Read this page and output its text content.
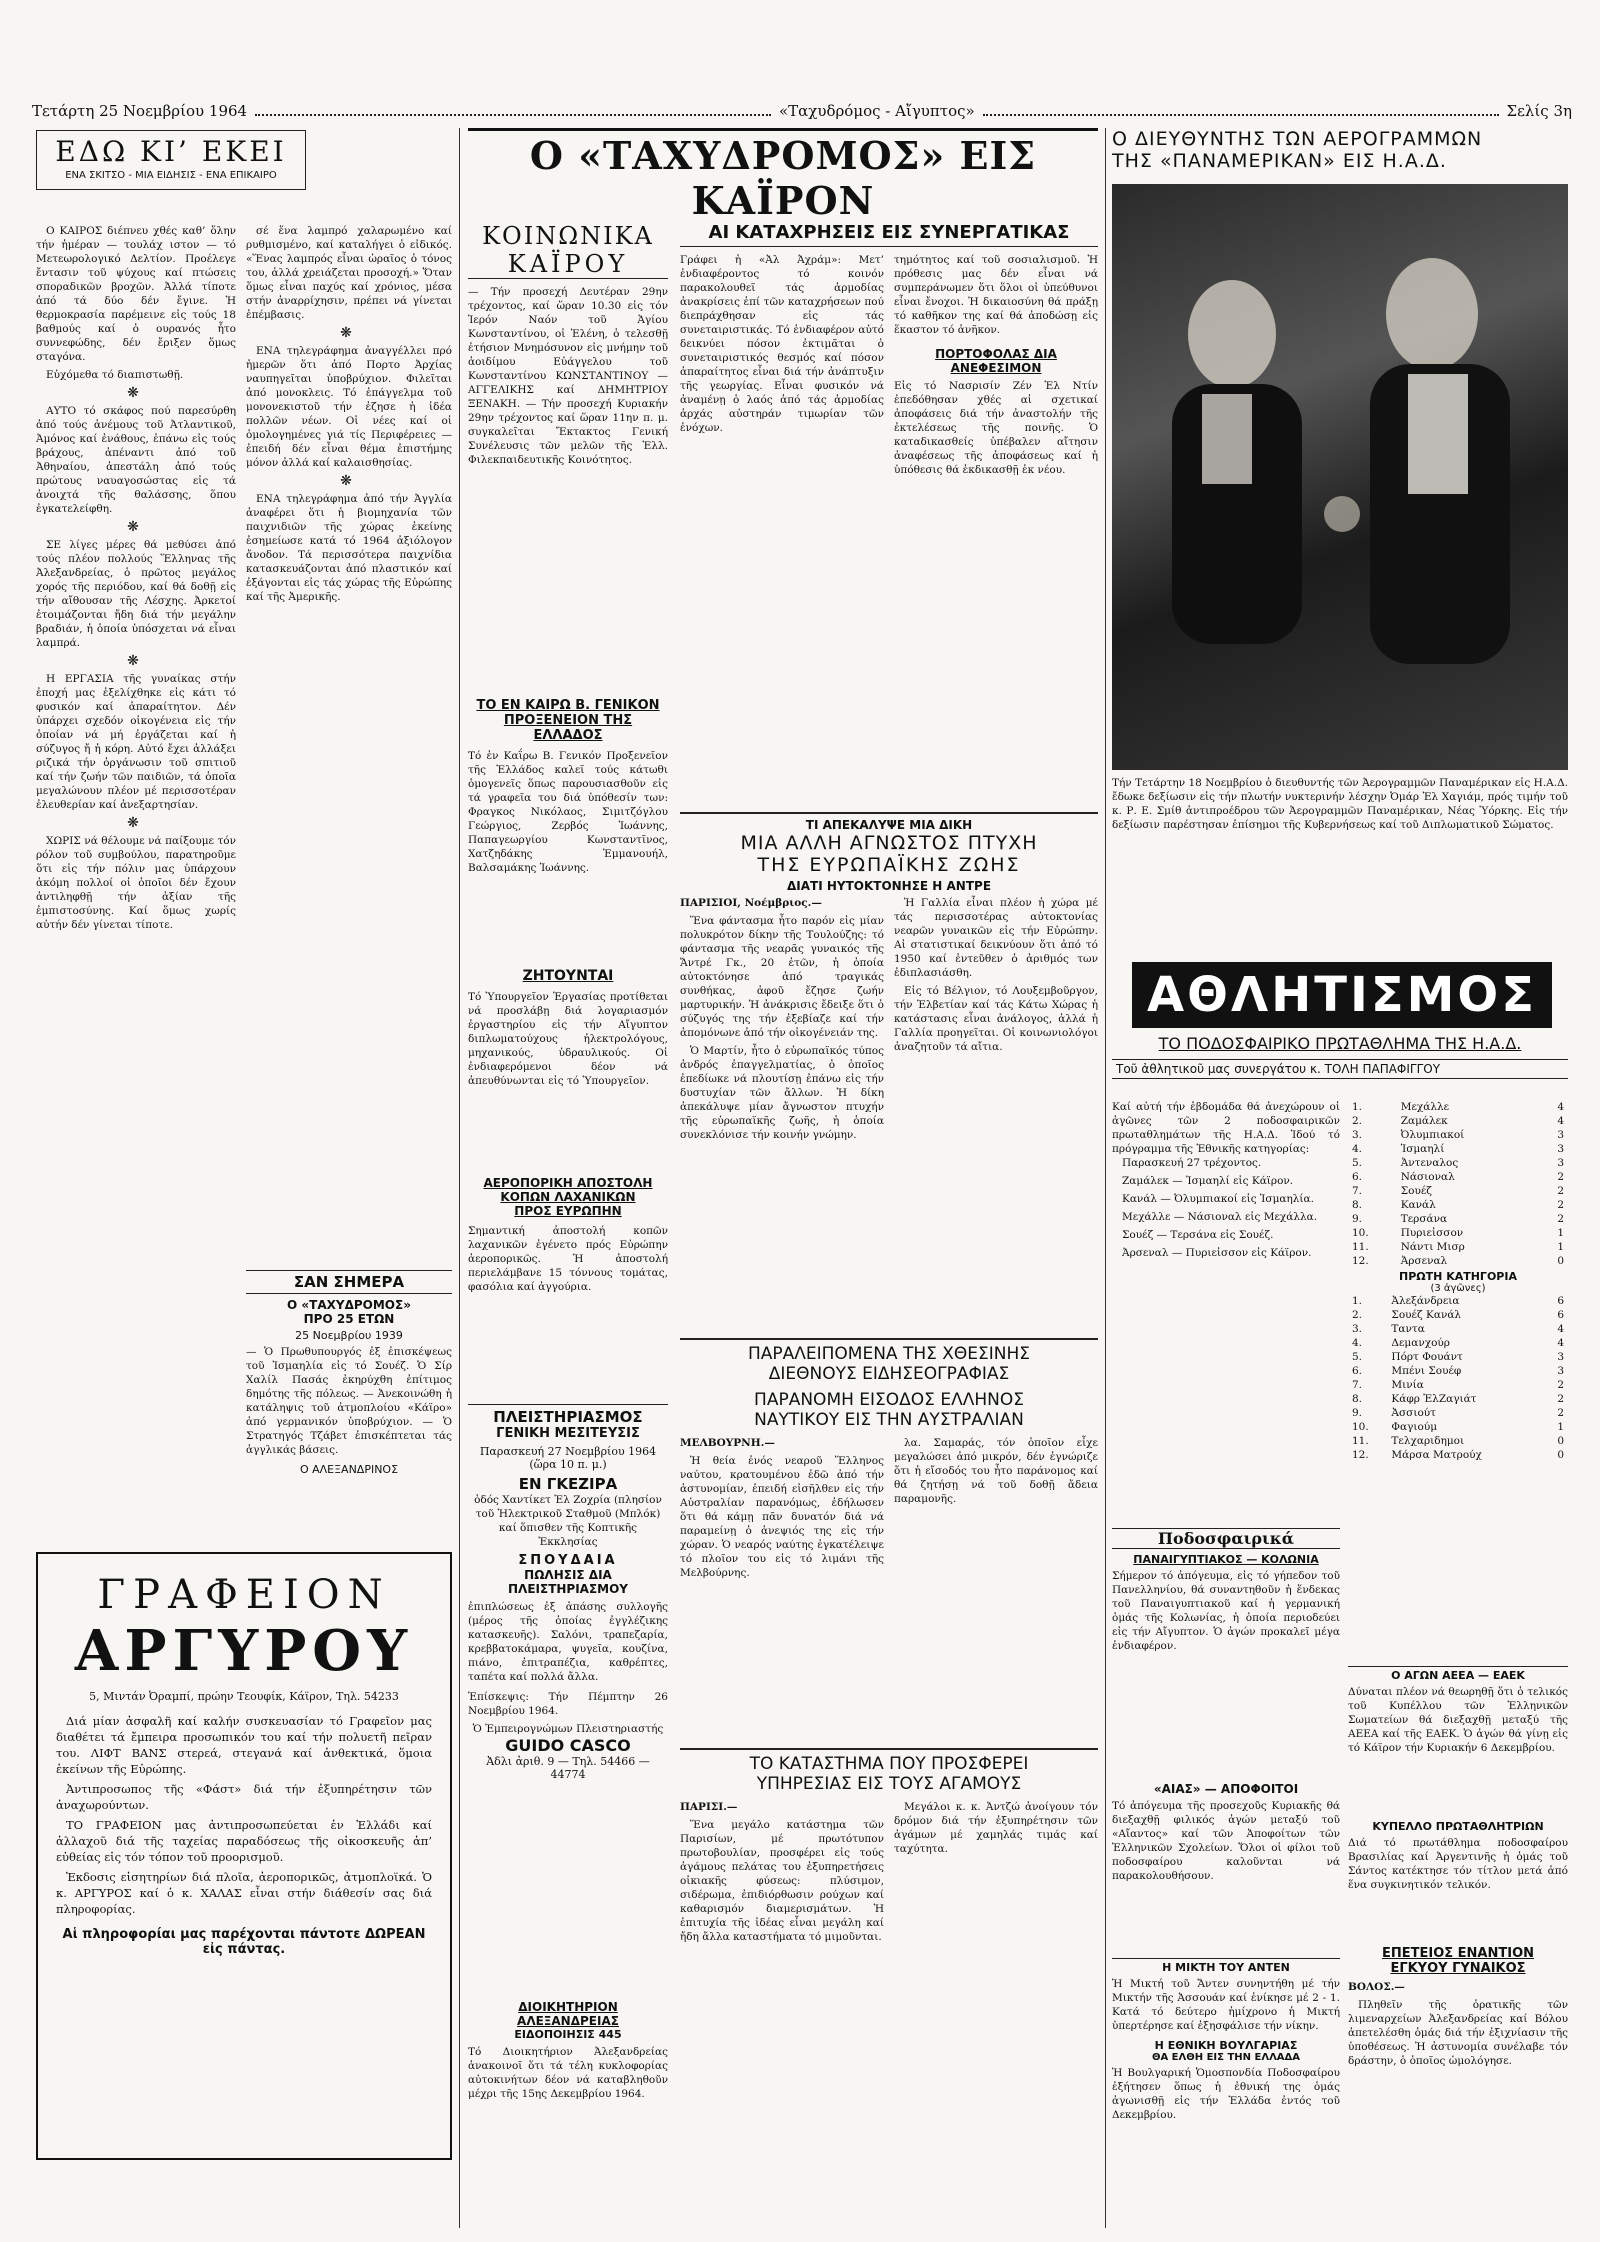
Τετάρτη 25 Νοεμβρίου 1964	«Ταχυδρόμος - Αἴγυπτος»	Σελίς 3η
ΕΔΩ ΚΙ’ ΕΚΕΙ
ΕΝΑ ΣΚΙΤΣΟ - ΜΙΑ ΕΙΔΗΣΙΣ - ΕΝΑ ΕΠΙΚΑΙΡΟ

Ο ΚΑΙΡΟΣ διέπνευ χθές καθ’ ὅλην τήν ἡμέραν — τουλάχ ιστον — τό Μετεωρολογικό Δελτίον. Προέλεγε ἔντασιν τοῦ ψύχους καί πτώσεις σποραδικῶν βροχῶν. Ἀλλά τίποτε ἀπό τά δύο δέν ἔγινε. Ἡ θερμοκρασία παρέμεινε εἰς τούς 18 βαθμούς καί ὁ ουρανός ἦτο συννεφώδης, δέν ἔριξεν ὅμως σταγόνα.

Εὐχόμεθα τό διαπιστωθῇ.

❋

ΑΥΤΟ τό σκάφος πού παρεσύρθη ἀπό τούς ἀνέμους τοῦ Ἀτλαντικοῦ, Ἀμόνος καί ἐνάθους, ἐπάνω εἰς τούς βράχους, ἀπέναντι ἀπό τοῦ Ἀθηναίου, ἀπεστάλη ἀπό τούς πρώτους ναυαγοσώστας εἰς τά ἀνοιχτά τῆς θαλάσσης, ὅπου ἐγκατελείφθη.

❋

ΣΕ λίγες μέρες θά μεθύσει ἀπό τούς πλέον πολλούς Ἕλληνας τῆς Ἀλεξανδρείας, ὁ πρῶτος μεγάλος χορός τῆς περιόδου, καί θά δοθῇ εἰς τήν αἴθουσαν τῆς Λέσχης. Ἀρκετοί ἐτοιμάζονται ἤδη διά τήν μεγάλην βραδιάν, ἡ ὁποία ὑπόσχεται νά εἶναι λαμπρά.

❋

Η ΕΡΓΑΣΙΑ τῆς γυναίκας στήν ἐποχή μας ἐξελίχθηκε εἰς κάτι τό φυσικόν καί ἀπαραίτητον. Δέν ὑπάρχει σχεδόν οἰκογένεια εἰς τήν ὁποίαν νά μή ἐργάζεται καί ἡ σύζυγος ἤ ἡ κόρη. Αὐτό ἔχει ἀλλάξει ριζικά τήν ὀργάνωσιν τοῦ σπιτιοῦ καί τήν ζωήν τῶν παιδιῶν, τά ὁποῖα μεγαλώνουν πλέον μέ περισσοτέραν ἐλευθερίαν καί ἀνεξαρτησίαν.

❋

ΧΩΡΙΣ νά θέλουμε νά παίξουμε τόν ρόλον τοῦ συμβούλου, παρατηροῦμε ὅτι εἰς τήν πόλιν μας ὑπάρχουν ἀκόμη πολλοί οἱ ὁποῖοι δέν ἔχουν ἀντιληφθῇ τήν ἀξίαν τῆς ἐμπιστοσύνης. Καί ὅμως χωρίς αὐτήν δέν γίνεται τίποτε.

σέ ἕνα λαμπρό χαλαρωμένο καί ρυθμισμένο, καί καταλήγει ὁ εἰδικός. «Ἕνας λαμπρός εἶναι ὡραῖος ὁ τόνος του, ἀλλά χρειάζεται προσοχή.» Ὅταν ὅμως εἶναι παχύς καί χρόνιος, μέσα στήν ἀναρρίχησιν, πρέπει νά γίνεται ἐπέμβασις.

❋

ΕΝΑ τηλεγράφημα ἀναγγέλλει πρό ἡμερῶν ὅτι ἀπό Πορτο Ἀρχίας ναυπηγεῖται ὑποβρύχιον. Φιλεῖται ἀπό μονοκλεις. Τό ἐπάγγελμα τοῦ μονονεκιστοῦ τήν ἐζησε ἡ ἰδέα πολλῶν νέων. Οἱ νέες καί οἱ ὁμολογημένες γιά τίς Περιφέρειες — ἐπειδή δέν εἶναι θέμα ἐπιστήμης μόνον ἀλλά καί καλαισθησίας.

❋

ΕΝΑ τηλεγράφημα ἀπό τήν Ἀγγλία ἀναφέρει ὅτι ἡ βιομηχανία τῶν παιχνιδιῶν τῆς χώρας ἐκείνης ἐσημείωσε κατά τό 1964 ἀξιόλογον ἄνοδον. Τά περισσότερα παιχνίδια κατασκευάζονται ἀπό πλαστικόν καί ἐξάγονται εἰς τάς χώρας τῆς Εὐρώπης καί τῆς Ἀμερικῆς.

ΣΑΝ ΣΗΜΕΡΑ
Ο «ΤΑΧΥΔΡΟΜΟΣ»
ΠΡΟ 25 ΕΤΩΝ
25 Νοεμβρίου 1939
— Ὁ Πρωθυπουργός ἐξ ἐπισκέψεως τοῦ Ἰσμαηλία εἰς τό Σουέζ. Ὁ Σίρ Χαλίλ Πασάς ἐκηρύχθη ἐπίτιμος δημότης τῆς πόλεως. — Ἀνεκοινώθη ἡ κατάληψις τοῦ ἀτμοπλοίου «Κάϊρο» ἀπό γερμανικόν ὑποβρύχιον. — Ὁ Στρατηγός Τζάβετ ἐπισκέπτεται τάς ἀγγλικάς βάσεις.
Ο ΑΛΕΞΑΝΔΡΙΝΟΣ
ΓΡΑΦΕΙΟΝ
ΑΡΓΥΡΟΥ
5, Μιντάν Ὀραμπί, πρώην Τεουφίκ, Κάϊρον, Τηλ. 54233

Διά μίαν ἀσφαλῆ καί καλήν συσκευασίαν τό Γραφεῖον μας διαθέτει τά ἔμπειρα προσωπικόν του καί τήν πολυετῆ πεῖραν του. ΛΙΦΤ ΒΑΝΣ στερεά, στεγανά καί ἀνθεκτικά, ὅμοια ἐκείνων τῆς Εὐρώπης.

Ἀντιπροσωπος τῆς «Φάστ» διά τήν ἐξυπηρέτησιν τῶν ἀναχωρούντων.

ΤΟ ΓΡΑΦΕΙΟΝ μας ἀντιπροσωπεύεται ἐν Ἑλλάδι καί ἀλλαχοῦ διά τῆς ταχείας παραδόσεως τῆς οἰκοσκευῆς ἀπ’ εὐθείας εἰς τόν τόπον τοῦ προορισμοῦ.

Ἐκδοσις εἰσητηρίων διά πλοῖα, ἀεροπορικῶς, ἀτμοπλοϊκά. Ὁ κ. ΑΡΓΥΡΟΣ καί ὁ κ. ΧΑΛΑΣ εἶναι στήν διάθεσίν σας διά πληροφορίας.

Αἱ πληροφορίαι μας παρέχονται πάντοτε ΔΩΡΕΑΝ εἰς πάντας.
Ο «ΤΑΧΥΔΡΟΜΟΣ» ΕΙΣ ΚΑΪΡΟΝ
ΚΟΙΝΩΝΙΚΑ
ΚΑΪΡΟΥ
— Τήν προσεχή Δευτέραν 29ην τρέχοντος, καί ὥραν 10.30 εἰς τόν Ἱερόν Ναόν τοῦ Ἁγίου Κωνσταντίνου, οἱ Ἐλένη, ὁ τελεσθῇ ἐτήσιον Μνημόσυνον εἰς μνήμην τοῦ ἀοιδίμου Εὐάγγελου τοῦ Κωνσταντίνου ΚΩΝΣΤΑΝΤΙΝΟΥ — ΑΓΓΕΛΙΚΗΣ καί ΔΗΜΗΤΡΙΟΥ ΞΕΝΑΚΗ. — Τήν προσεχή Κυριακήν 29ην τρέχοντος καί ὥραν 11ην π. μ. συγκαλεῖται Ἔκτακτος Γενική Συνέλευσις τῶν μελῶν τῆς Ἑλλ. Φιλεκπαιδευτικῆς Κοινότητος.
ΤΟ ΕΝ ΚΑΪΡΩ Β. ΓΕΝΙΚΟΝ
ΠΡΟΞΕΝΕΙΟΝ ΤΗΣ ΕΛΛΑΔΟΣ
Τό ἐν Καΐρω Β. Γενικόν Προξενεῖον τῆς Ἑλλάδος καλεῖ τούς κάτωθι ὁμογενεῖς ὅπως παρουσιασθοῦν εἰς τά γραφεῖα του διά ὑπόθεσίν των: Φραγκος Νικόλαος, Σιμιτζόγλου Γεώργιος, Ζερβός Ἰωάννης, Παπαγεωργίου Κωνσταντῖνος, Χατζηδάκης Ἐμμανουήλ, Βαλσαμάκης Ἰωάννης.
ΖΗΤΟΥΝΤΑΙ
Τό Ὑπουργεῖον Ἐργασίας προτίθεται νά προσλάβῃ διά λογαριασμόν ἐργαστηρίου εἰς τήν Αἴγυπτον διπλωματούχους ἠλεκτρολόγους, μηχανικούς, ὑδραυλικούς. Οἱ ἐνδιαφερόμενοι δέον νά ἀπευθύνωνται εἰς τό Ὑπουργεῖον.
ΑΕΡΟΠΟΡΙΚΗ ΑΠΟΣΤΟΛΗ
ΚΟΠΩΝ ΛΑΧΑΝΙΚΩΝ
ΠΡΟΣ ΕΥΡΩΠΗΝ
Σημαντική ἀποστολή κοπῶν λαχανικῶν ἐγένετο πρός Εὐρώπην ἀεροπορικῶς. Ἡ ἀποστολή περιελάμβανε 15 τόννους τομάτας, φασόλια καί ἀγγούρια.
ΠΛΕΙΣΤΗΡΙΑΣΜΟΣ
ΓΕΝΙΚΗ ΜΕΣΙΤΕΥΣΙΣ
Παρασκευή 27 Νοεμβρίου 1964 (ὥρα 10 π. μ.)
ΕΝ ΓΚΕΖΙΡΑ
ὁδός Χαντίκετ Ἐλ Ζοχρία (πλησίον τοῦ Ἠλεκτρικοῦ Σταθμοῦ (Μπλόκ) καί ὅπισθεν τῆς Κοπτικῆς Ἐκκλησίας
ΣΠΟΥΔΑΙΑ
ΠΩΛΗΣΙΣ ΔΙΑ ΠΛΕΙΣΤΗΡΙΑΣΜΟΥ
ἐπιπλώσεως ἐξ ἁπάσης συλλογῆς (μέρος τῆς ὁποίας ἐγγλέζικης κατασκευῆς). Σαλόνι, τραπεζαρία, κρεββατοκάμαρα, ψυγεῖα, κουζίνα, πιάνο, ἐπιτραπέζια, καθρέπτες, ταπέτα καί πολλά ἄλλα.
Ἐπίσκεψις: Τήν Πέμπτην 26 Νοεμβρίου 1964.
Ὁ Ἐμπειρογνώμων Πλειστηριαστής
GUIDO CASCO
Ἀδλι ἀριθ. 9 — Τηλ. 54466 — 44774
ΔΙΟΙΚΗΤΗΡΙΟΝ ΑΛΕΞΑΝΔΡΕΙΑΣ
ΕΙΔΟΠΟΙΗΣΙΣ 445
Τό Διοικητήριον Ἀλεξανδρείας ἀνακοινοῖ ὅτι τά τέλη κυκλοφορίας αὐτοκινήτων δέον νά καταβληθοῦν μέχρι τῆς 15ης Δεκεμβρίου 1964.
ΑΙ ΚΑΤΑΧΡΗΣΕΙΣ ΕΙΣ ΣΥΝΕΡΓΑΤΙΚΑΣ
Γράφει ἡ «Ἀλ Ἀχράμ»: Μετ’ ἐνδιαφέροντος τό κοινόν παρακολουθεῖ τάς ἀρμοδίας ἀνακρίσεις ἐπί τῶν καταχρήσεων πού διεπράχθησαν εἰς τάς συνεταιριστικάς. Τό ἐνδιαφέρον αὐτό δεικνύει πόσον ἐκτιμᾶται ὁ συνεταιριστικός θεσμός καί πόσον ἀπαραίτητος εἶναι διά τήν ἀνάπτυξιν τῆς γεωργίας. Εἶναι φυσικόν νά ἀναμένῃ ὁ λαός ἀπό τάς ἁρμοδίας ἀρχάς αὐστηράν τιμωρίαν τῶν ἐνόχων.
τημότητος καί τοῦ σοσιαλισμοῦ. Ἡ πρόθεσις μας δέν εἶναι νά συμπεράνωμεν ὅτι ὅλοι οἱ ὑπεύθυνοι εἶναι ἔνοχοι. Ἡ δικαιοσύνη θά πράξῃ τό καθῆκον της καί θά ἀποδώσῃ εἰς ἕκαστον τό ἀνῆκον.
ΠΟΡΤΟΦΟΛΑΣ ΔΙΑ ΑΝΕΦΕΣΙΜΟΝ
Εἰς τό Νασρισίν Ζέν Ἐλ Ντίν ἐπεδόθησαν χθές αἱ σχετικαί ἀποφάσεις διά τήν ἀναστολήν τῆς ἐκτελέσεως τῆς ποινῆς. Ὁ καταδικασθείς ὑπέβαλεν αἴτησιν ἀναφέσεως τῆς ἀποφάσεως καί ἡ ὑπόθεσις θά ἐκδικασθῇ ἐκ νέου.
ΤΙ ΑΠΕΚΑΛΥΨΕ ΜΙΑ ΔΙΚΗ
ΜΙΑ ΑΛΛΗ ΑΓΝΩΣΤΟΣ ΠΤΥΧΗ
ΤΗΣ ΕΥΡΩΠΑΪΚΗΣ ΖΩΗΣ
ΔΙΑΤΙ ΗΥΤΟΚΤΟΝΗΣΕ Η ΑΝΤΡΕ

ΠΑΡΙΣΙΟΙ, Νοέμβριος.—

Ἕνα φάντασμα ἦτο παρόν εἰς μίαν πολυκρότον δίκην τῆς Τουλούζης: τό φάντασμα τῆς νεαρᾶς γυναικός τῆς Ἄντρέ Γκ., 20 ἐτῶν, ἡ ὁποία αὐτοκτόνησε ἀπό τραγικάς συνθήκας, ἀφοῦ ἔζησε ζωήν μαρτυρικήν. Ἡ ἀνάκρισις ἔδειξε ὅτι ὁ σύζυγός της τήν ἐξεβίαζε καί τήν ἀπομόνωνε ἀπό τήν οἰκογένειάν της.

Ὁ Μαρτίν, ἦτο ὁ εὐρωπαϊκός τύπος ἀνδρός ἐπαγγελματίας, ὁ ὁποῖος ἐπεδίωκε νά πλουτίσῃ ἐπάνω εἰς τήν δυστυχίαν τῶν ἄλλων. Ἡ δίκη ἀπεκάλυψε μίαν ἄγνωστον πτυχήν τῆς εὐρωπαϊκῆς ζωῆς, ἡ ὁποία συνεκλόνισε τήν κοινήν γνώμην.

Ἡ Γαλλία εἶναι πλέον ἡ χώρα μέ τάς περισσοτέρας αὐτοκτονίας νεαρῶν γυναικῶν εἰς τήν Εὐρώπην. Αἱ στατιστικαί δεικνύουν ὅτι ἀπό τό 1950 καί ἐντεῦθεν ὁ ἀριθμός των ἐδιπλασιάσθη.

Εἰς τό Βέλγιον, τό Λουξεμβοῦργον, τήν Ἑλβετίαν καί τάς Κάτω Χώρας ἡ κατάστασις εἶναι ἀνάλογος, ἀλλά ἡ Γαλλία προηγεῖται. Οἱ κοινωνιολόγοι ἀναζητοῦν τά αἴτια.

ΠΑΡΑΛΕΙΠΟΜΕΝΑ ΤΗΣ ΧΘΕΣΙΝΗΣ
ΔΙΕΘΝΟΥΣ ΕΙΔΗΣΕΟΓΡΑΦΙΑΣ
ΠΑΡΑΝΟΜΗ ΕΙΣΟΔΟΣ ΕΛΛΗΝΟΣ
ΝΑΥΤΙΚΟΥ ΕΙΣ ΤΗΝ ΑΥΣΤΡΑΛΙΑΝ

ΜΕΛΒΟΥΡΝΗ.—

Ἡ θεία ἐνός νεαροῦ Ἕλληνος ναύτου, κρατουμένου ἐδῶ ἀπό τήν ἀστυνομίαν, ἐπειδή εἰσῆλθεν εἰς τήν Αὐστραλίαν παρανόμως, ἐδήλωσεν ὅτι θά κάμῃ πᾶν δυνατόν διά νά παραμείνῃ ὁ ἀνεψιός της εἰς τήν χώραν. Ὁ νεαρός ναύτης ἐγκατέλειψε τό πλοῖον του εἰς τό λιμάνι τῆς Μελβούρνης.

λα. Σαμαράς, τόν ὁποῖον εἶχε μεγαλώσει ἀπό μικρόν, δέν ἐγνώριζε ὅτι ἡ εἴσοδός του ἦτο παράνομος καί θά ζητήσῃ νά τοῦ δοθῇ ἄδεια παραμονῆς.

ΤΟ ΚΑΤΑΣΤΗΜΑ ΠΟΥ ΠΡΟΣΦΕΡΕΙ
ΥΠΗΡΕΣΙΑΣ ΕΙΣ ΤΟΥΣ ΑΓΑΜΟΥΣ

ΠΑΡΙΣΙ.—

Ἕνα μεγάλο κατάστημα τῶν Παρισίων, μέ πρωτότυπον πρωτοβουλίαν, προσφέρει εἰς τούς ἀγάμους πελάτας του ἐξυπηρετήσεις οἰκιακῆς φύσεως: πλύσιμον, σιδέρωμα, ἐπιδιόρθωσιν ρούχων καί καθαρισμόν διαμερισμάτων. Ἡ ἐπιτυχία τῆς ἰδέας εἶναι μεγάλη καί ἤδη ἄλλα καταστήματα τό μιμοῦνται.

Μεγάλοι κ. κ. Ἀντζώ ἀνοίγουν τόν δρόμον διά τήν ἐξυπηρέτησιν τῶν ἀγάμων μέ χαμηλάς τιμάς καί ταχύτητα.

Ο ΔΙΕΥΘΥΝΤΗΣ ΤΩΝ ΑΕΡΟΓΡΑΜΜΩΝ
ΤΗΣ «ΠΑΝΑΜΕΡΙΚΑΝ» ΕΙΣ Η.Α.Δ.
Τήν Τετάρτην 18 Νοεμβρίου ὁ διευθυντής τῶν Ἀερογραμμῶν Παναμέρικαν εἰς Η.Α.Δ. ἔδωκε δεξίωσιν εἰς τήν πλωτήν νυκτερινήν λέσχην Ὀμάρ Ἐλ Χαγιάμ, πρός τιμήν τοῦ κ. Ρ. Ε. Σμίθ ἀντιπροέδρου τῶν Ἀερογραμμῶν Παναμέρικαν, Νέας Ὑόρκης. Εἰς τήν δεξίωσιν παρέστησαν ἐπίσημοι τῆς Κυβερνήσεως καί τοῦ Διπλωματικοῦ Σώματος.
ΑΘΛΗΤΙΣΜΟΣ
ΤΟ ΠΟΔΟΣΦΑΙΡΙΚΟ ΠΡΩΤΑΘΛΗΜΑ ΤΗΣ Η.Α.Δ.
Τοῦ ἀθλητικοῦ μας συνεργάτου κ. ΤΟΛΗ ΠΑΠΑΦΙΓΓΟΥ
Καί αὐτή τήν ἑβδομάδα θά ἀνεχώρουν οἱ ἀγῶνες τῶν 2 ποδοσφαιρικῶν πρωταθλημάτων τῆς Η.Α.Δ. Ἰδού τό πρόγραμμα τῆς Ἐθνικῆς κατηγορίας:

Παρασκευή 27 τρέχοντος.

Ζαμάλεκ — Ἰσμαηλί εἰς Κάϊρον.

Κανάλ — Ὀλυμπιακοί εἰς Ἰσμαηλία.

Μεχάλλε — Νάσιοναλ εἰς Μεχάλλα.

Σουέζ — Τερσάνα εἰς Σουέζ.

Ἀρσεναλ — Πυριεἰσσον εἰς Κάϊρον.

1.	Μεχάλλε	4
2.	Ζαμάλεκ	4
3.	Ὀλυμπιακοί	3
4.	Ἰσμαηλί	3
5.	Ἀντεναλος	3
6.	Νάσιοναλ	2
7.	Σουέζ	2
8.	Κανάλ	2
9.	Τερσάνα	2
10.	Πυριεἰσσον	1
11.	Νάντι Μισρ	1
12.	Ἀρσεναλ	0
ΠΡΩΤΗ ΚΑΤΗΓΟΡΙΑ
(3 ἀγῶνες)
1.	Ἀλεξάνδρεια	6
2.	Σουέζ Κανάλ	6
3.	Ταντα	4
4.	Δεμανχούρ	4
5.	Πόρτ Φουάντ	3
6.	Μπένι Σουέφ	3
7.	Μινία	2
8.	Κάφρ ἘλΖαγιάτ	2
9.	Ἀσσιούτ	2
10.	Φαγιούμ	1
11.	Τελχαριδημοι	0
12.	Μάρσα Ματρούχ	0
Ποδοσφαιρικά
ΠΑΝΑΙΓΥΠΤΙΑΚΟΣ — ΚΟΛΩΝΙΑ
Σήμερον τό ἀπόγευμα, εἰς τό γήπεδον τοῦ Πανελληνίου, θά συναντηθοῦν ἡ ἕνδεκας τοῦ Παναιγυπτιακοῦ καί ἡ γερμανική ὁμάς τῆς Κολωνίας, ἡ ὁποία περιοδεύει εἰς τήν Αἴγυπτον. Ὁ ἀγών προκαλεῖ μέγα ἐνδιαφέρον.
«ΑΙΑΣ» — ΑΠΟΦΟΙΤΟΙ
Τό ἀπόγευμα τῆς προσεχοῦς Κυριακῆς θά διεξαχθῇ φιλικός ἀγών μεταξύ τοῦ «Αἴαντος» καί τῶν Ἀποφοίτων τῶν Ἑλληνικῶν Σχολείων. Ὅλοι οἱ φίλοι τοῦ ποδοσφαίρου καλοῦνται νά παρακολουθήσουν.
Η ΜΙΚΤΗ ΤΟΥ ΑΝΤΕΝ
Ἡ Μικτή τοῦ Ἄντεν συνηντήθη μέ τήν Μικτήν τῆς Ἀσσουάν καί ἐνίκησε μέ 2 - 1. Κατά τό δεύτερο ἡμίχρονο ἡ Μικτή ὑπερτέρησε καί ἐξησφάλισε τήν νίκην.
Η ΕΘΝΙΚΗ ΒΟΥΛΓΑΡΙΑΣ
ΘΑ ΕΛΘΗ ΕΙΣ ΤΗΝ ΕΛΛΑΔΑ
Ἡ Βουλγαρική Ὁμοσπονδία Ποδοσφαίρου ἐξήτησεν ὅπως ἡ ἐθνική της ὁμάς ἀγωνισθῇ εἰς τήν Ἑλλάδα ἐντός τοῦ Δεκεμβρίου.
Ο ΑΓΩΝ ΑΕΕΑ — ΕΑΕΚ
Δύναται πλέον νά θεωρηθῇ ὅτι ὁ τελικός τοῦ Κυπέλλου τῶν Ἑλληνικῶν Σωματείων θά διεξαχθῇ μεταξύ τῆς ΑΕΕΑ καί τῆς ΕΑΕΚ. Ὁ ἀγών θά γίνῃ εἰς τό Κάϊρον τήν Κυριακήν 6 Δεκεμβρίου.
ΚΥΠΕΛΛΟ ΠΡΩΤΑΘΛΗΤΡΙΩΝ
Διά τό πρωτάθλημα ποδοσφαίρου Βρασιλίας καί Ἀργεντινῆς ἡ ὁμάς τοῦ Σάντος κατέκτησε τόν τίτλον μετά ἀπό ἕνα συγκινητικόν τελικόν.
ΕΠΕΤΕΙΟΣ ΕΝΑΝΤΙΟΝ
ΕΓΚΥΟΥ ΓΥΝΑΙΚΟΣ

ΒΟΛΟΣ.—

Πληθεῖν τῆς ὀρατικῆς τῶν λιμεναρχείων Ἀλεξανδρείας καί Βόλου ἀπετελέσθη ὁμάς διά τήν ἐξιχνίασιν τῆς ὑποθέσεως. Ἡ ἀστυνομία συνέλαβε τόν δράστην, ὁ ὁποῖος ὡμολόγησε.
